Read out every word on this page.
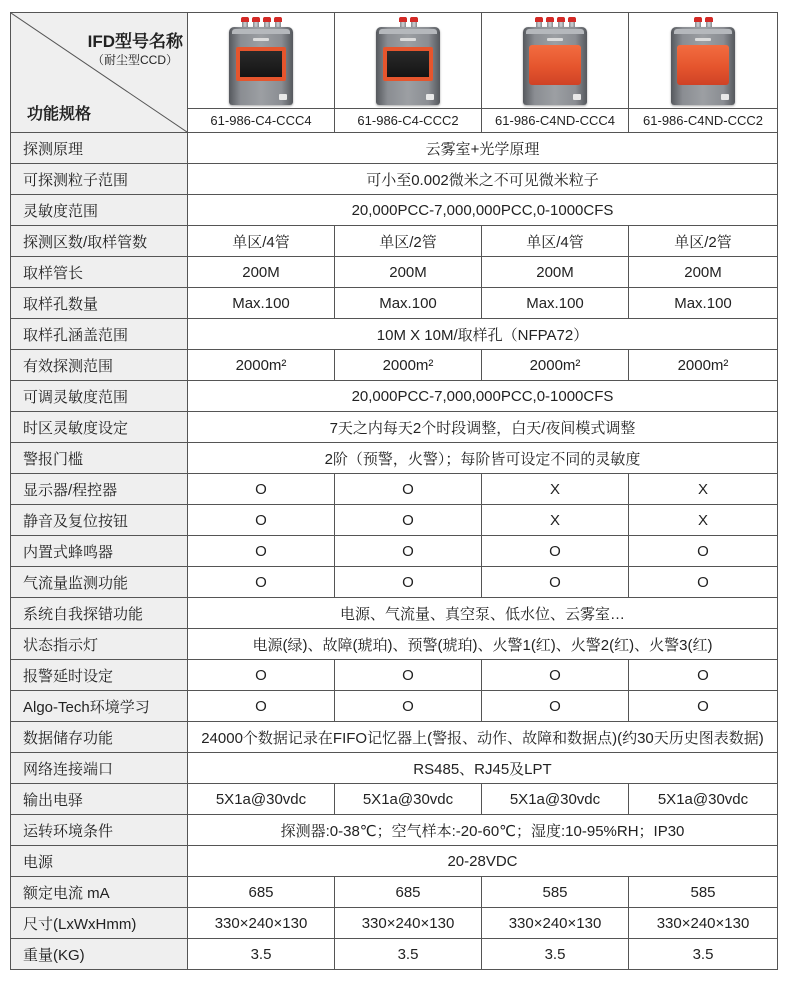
IFD型号名称
（耐尘型CCD）
功能规格	61-986-C4-CCC4	61-986-C4-CCC2	61-986-C4ND-CCC4	61-986-C4ND-CCC2
探测原理	云雾室+光学原理
可探测粒子范围	可小至0.002微米之不可见微米粒子
灵敏度范围	20,000PCC-7,000,000PCC,0-1000CFS
探测区数/取样管数	单区/4管	单区/2管	单区/4管	单区/2管
取样管长	200M	200M	200M	200M
取样孔数量	Max.100	Max.100	Max.100	Max.100
取样孔涵盖范围	10M X 10M/取样孔（NFPA72）
有效探测范围	2000m²	2000m²	2000m²	2000m²
可调灵敏度范围	20,000PCC-7,000,000PCC,0-1000CFS
时区灵敏度设定	7天之内每天2个时段调整，白天/夜间模式调整
警报门槛	2阶（预警，火警）；每阶皆可设定不同的灵敏度
显示器/程控器	O	O	X	X
静音及复位按钮	O	O	X	X
内置式蜂鸣器	O	O	O	O
气流量监测功能	O	O	O	O
系统自我探错功能	电源、气流量、真空泵、低水位、云雾室…
状态指示灯	电源(绿)、故障(琥珀)、预警(琥珀)、火警1(红)、火警2(红)、火警3(红)
报警延时设定	O	O	O	O
Algo-Tech环境学习	O	O	O	O
数据储存功能	24000个数据记录在FIFO记忆器上(警报、动作、故障和数据点)(约30天历史图表数据)
网络连接端口	RS485、RJ45及LPT
输出电驿	5X1a@30vdc	5X1a@30vdc	5X1a@30vdc	5X1a@30vdc
运转环境条件	探测器:0-38℃；空气样本:-20-60℃；湿度:10-95%RH；IP30
电源	20-28VDC
额定电流 mA	685	685	585	585
尺寸(LxWxHmm)	330×240×130	330×240×130	330×240×130	330×240×130
重量(KG)	3.5	3.5	3.5	3.5
